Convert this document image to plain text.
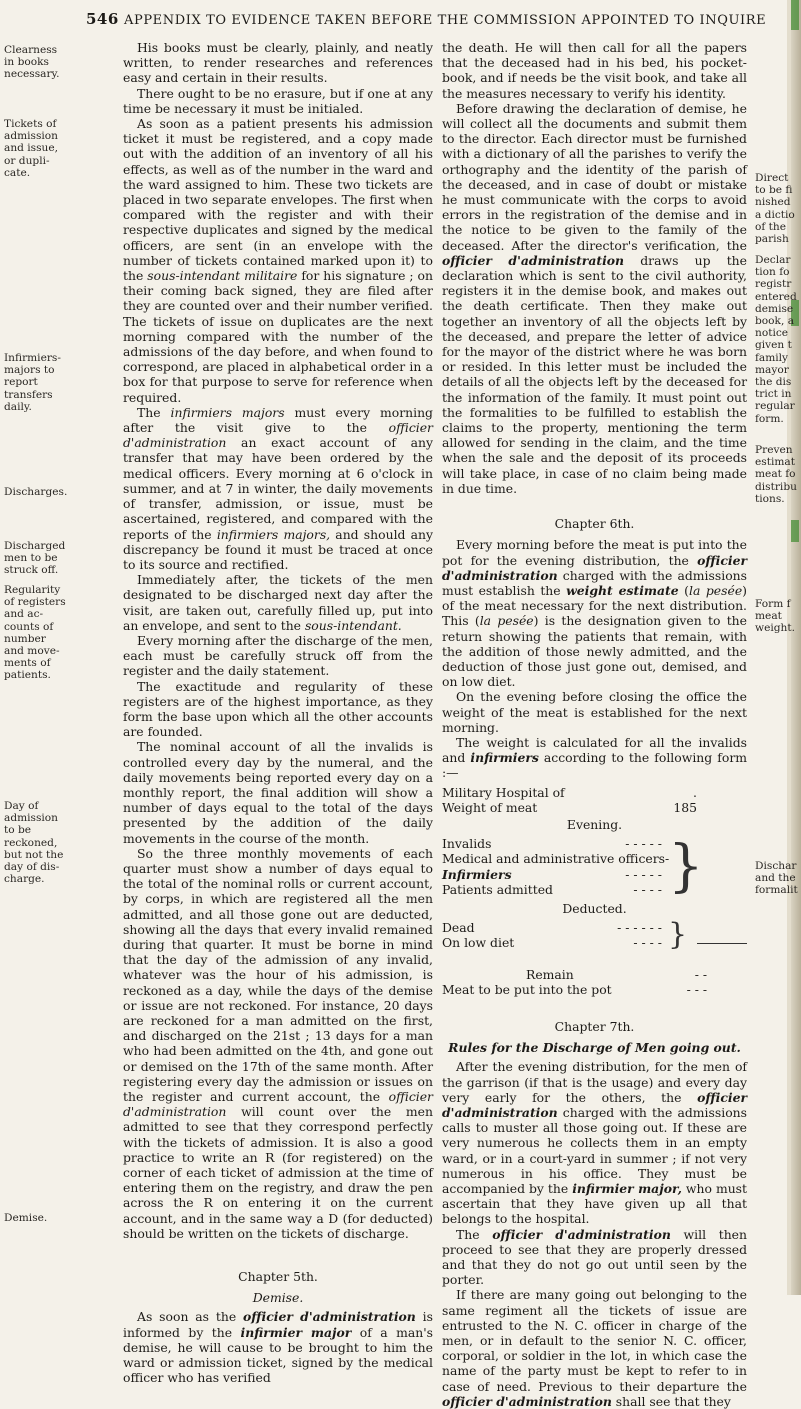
546 APPENDIX TO EVIDENCE TAKEN BEFORE THE COMMISSION APPOINTED TO INQUIRE
Clearness
in books
necessary.
Tickets of
admission
and issue,
or dupli-
cate.
Infirmiers-
majors to
report
transfers
daily.
Discharges.
Discharged
men to be
struck off.
Regularity
of registers
and ac-
counts of
number
and move-
ments of
patients.
Day of
admission
to be
reckoned,
but not the
day of dis-
charge.
Demise.
Direct
to be fi
nished
a dictio
of the
parish
Declar
tion fo
registr
entered
demise
book, a
notice
given t
family
mayor
the dis
trict in
regular
form.
Preven
estimat
meat fo
distribu
tions.
Form f
meat
weight.
Dischar
and the
formalit

His books must be clearly, plainly, and neatly written, to render researches and references easy and certain in their results.

There ought to be no erasure, but if one at any time be necessary it must be initialed.

As soon as a patient presents his admission ticket it must be registered, and a copy made out with the addition of an inventory of all his effects, as well as of the number in the ward and the ward assigned to him. These two tickets are placed in two separate envelopes. The first when compared with the register and with their respective duplicates and signed by the medical officers, are sent (in an envelope with the number of tickets contained marked upon it) to the sous-intendant militaire for his signature ; on their coming back signed, they are filed after they are counted over and their number verified. The tickets of issue on duplicates are the next morning compared with the number of the admissions of the day before, and when found to correspond, are placed in alphabetical order in a box for that purpose to serve for reference when required.

The infirmiers majors must every morning after the visit give to the officier d'administration an exact account of any transfer that may have been ordered by the medical officers. Every morning at 6 o'clock in summer, and at 7 in winter, the daily movements of transfer, admission, or issue, must be ascertained, registered, and compared with the reports of the infirmiers majors, and should any discrepancy be found it must be traced at once to its source and rectified.

Immediately after, the tickets of the men designated to be discharged next day after the visit, are taken out, carefully filled up, put into an envelope, and sent to the sous-intendant.

Every morning after the discharge of the men, each must be carefully struck off from the register and the daily statement.

The exactitude and regularity of these registers are of the highest importance, as they form the base upon which all the other accounts are founded.

The nominal account of all the invalids is controlled every day by the numeral, and the daily movements being reported every day on a monthly report, the final addition will show a number of days equal to the total of the days presented by the addition of the daily movements in the course of the month.

So the three monthly movements of each quarter must show a number of days equal to the total of the nominal rolls or current account, by corps, in which are registered all the men admitted, and all those gone out are deducted, showing all the days that every invalid remained during that quarter. It must be borne in mind that the day of the admission of any invalid, whatever was the hour of his admission, is reckoned as a day, while the days of the demise or issue are not reckoned. For instance, 20 days are reckoned for a man admitted on the first, and discharged on the 21st ; 13 days for a man who had been admitted on the 4th, and gone out or demised on the 17th of the same month. After registering every day the admission or issues on the register and current account, the officier d'administration will count over the men admitted to see that they correspond perfectly with the tickets of admission. It is also a good practice to write an R (for registered) on the corner of each ticket of admission at the time of entering them on the registry, and draw the pen across the R on entering it on the current account, and in the same way a D (for deducted) should be written on the tickets of discharge.

Chapter 5th.

Demise.

As soon as the officier d'administration is informed by the infirmier major of a man's demise, he will cause to be brought to him the ward or admission ticket, signed by the medical officer who has verified

the death. He will then call for all the papers that the deceased had in his bed, his pocket-book, and if needs be the visit book, and take all the measures necessary to verify his identity.

Before drawing the declaration of demise, he will collect all the documents and submit them to the director. Each director must be furnished with a dictionary of all the parishes to verify the orthography and the identity of the parish of the deceased, and in case of doubt or mistake he must communicate with the corps to avoid errors in the registration of the demise and in the notice to be given to the family of the deceased. After the director's verification, the officier d'administration draws up the declaration which is sent to the civil authority, registers it in the demise book, and makes out the death certificate. Then they make out together an inventory of all the objects left by the deceased, and prepare the letter of advice for the mayor of the district where he was born or resided. In this letter must be included the details of all the objects left by the deceased for the information of the family. It must point out the formalities to be fulfilled to establish the claims to the property, mentioning the term allowed for sending in the claim, and the time when the sale and the deposit of its proceeds will take place, in case of no claim being made in due time.

Chapter 6th.

Every morning before the meat is put into the pot for the evening distribution, the officier d'administration charged with the admissions must establish the weight estimate (la pesée) of the meat necessary for the next distribution. This (la pesée) is the designation given to the return showing the patients that remain, with the addition of those newly admitted, and the deduction of those just gone out, demised, and on low diet.

On the evening before closing the office the weight of the meat is established for the next morning.

The weight is calculated for all the invalids and infirmiers according to the following form :—

Military Hospital of	.
Weight of meat	185
Evening.
Invalids	- - - - -
Medical and administrative officers -
Infirmiers	- - - - -
Patients admitted	- - - - }
Deducted.
Dead	- - - - - -
On low diet	- - - - }
Remain	- -
Meat to be put into the pot	- - -

Chapter 7th.

Rules for the Discharge of Men going out.

After the evening distribution, for the men of the garrison (if that is the usage) and every day very early for the others, the officier d'administration charged with the admissions calls to muster all those going out. If these are very numerous he collects them in an empty ward, or in a court-yard in summer ; if not very numerous in his office. They must be accompanied by the infirmier major, who must ascertain that they have given up all that belongs to the hospital.

The officier d'administration will then proceed to see that they are properly dressed and that they do not go out until seen by the porter.

If there are many going out belonging to the same regiment all the tickets of issue are entrusted to the N. C. officer in charge of the men, or in default to the senior N. C. officer, corporal, or soldier in the lot, in which case the name of the party must be kept to refer to in case of need. Previous to their departure the officier d'administration shall see that they
